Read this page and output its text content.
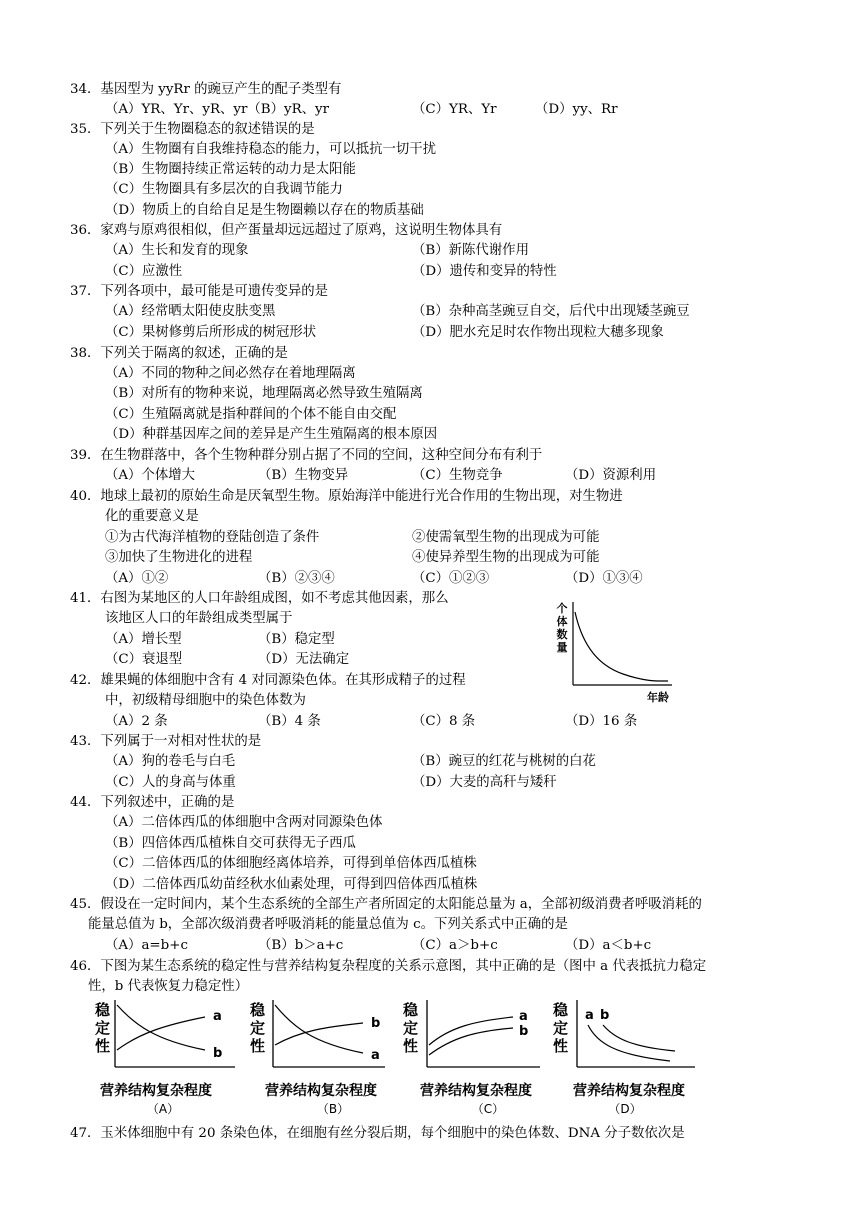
34．基因型为 yyRr 的豌豆产生的配子类型有
（A）YR、Yr、yR、yr（B）yR、yr	（C）YR、Yr	（D）yy、Rr
35．下列关于生物圈稳态的叙述错误的是
（A）生物圈有自我维持稳态的能力，可以抵抗一切干扰
（B）生物圈持续正常运转的动力是太阳能
（C）生物圈具有多层次的自我调节能力
（D）物质上的自给自足是生物圈赖以存在的物质基础
36．家鸡与原鸡很相似，但产蛋量却远远超过了原鸡，这说明生物体具有
（A）生长和发育的现象	（B）新陈代谢作用
（C）应激性	（D）遗传和变异的特性
37．下列各项中，最可能是可遗传变异的是
（A）经常晒太阳使皮肤变黑	（B）杂种高茎豌豆自交，后代中出现矮茎豌豆
（C）果树修剪后所形成的树冠形状	（D）肥水充足时农作物出现粒大穗多现象
38．下列关于隔离的叙述，正确的是
（A）不同的物种之间必然存在着地理隔离
（B）对所有的物种来说，地理隔离必然导致生殖隔离
（C）生殖隔离就是指种群间的个体不能自由交配
（D）种群基因库之间的差异是产生生殖隔离的根本原因
39．在生物群落中，各个生物种群分别占据了不同的空间，这种空间分布有利于
（A）个体增大	（B）生物变异	（C）生物竞争	（D）资源利用
40．地球上最初的原始生命是厌氧型生物。原始海洋中能进行光合作用的生物出现，对生物进
化的重要意义是
①为古代海洋植物的登陆创造了条件	②使需氧型生物的出现成为可能
③加快了生物进化的进程	④使异养型生物的出现成为可能
（A）①②	（B）②③④	（C）①②③	（D）①③④
41．右图为某地区的人口年龄组成图，如不考虑其他因素，那么
该地区人口的年龄组成类型属于
（A）增长型	（B）稳定型
（C）衰退型	（D）无法确定
个
体
数
量
年龄
42．雄果蝇的体细胞中含有 4 对同源染色体。在其形成精子的过程
中，初级精母细胞中的染色体数为
（A）2 条	（B）4 条	（C）8 条	（D）16 条
43．下列属于一对相对性状的是
（A）狗的卷毛与白毛	（B）豌豆的红花与桃树的白花
（C）人的身高与体重	（D）大麦的高秆与矮秆
44．下列叙述中，正确的是
（A）二倍体西瓜的体细胞中含两对同源染色体
（B）四倍体西瓜植株自交可获得无子西瓜
（C）二倍体西瓜的体细胞经离体培养，可得到单倍体西瓜植株
（D）二倍体西瓜幼苗经秋水仙素处理，可得到四倍体西瓜植株
45．假设在一定时间内，某个生态系统的全部生产者所固定的太阳能总量为 a，全部初级消费者呼吸消耗的
能量总值为 b，全部次级消费者呼吸消耗的能量总值为 c。下列关系式中正确的是
（A）a=b+c	（B）b＞a+c	（C）a＞b+c	（D）a＜b+c
46．下图为某生态系统的稳定性与营养结构复杂程度的关系示意图，其中正确的是（图中 a 代表抵抗力稳定
性，b 代表恢复力稳定性）
稳
定
性
a
b
营养结构复杂程度
（A）
稳
定
性
b
a
营养结构复杂程度
（B）
稳
定
性
a
b
营养结构复杂程度
（C）
稳
定
性
a b
营养结构复杂程度
（D）
47．玉米体细胞中有 20 条染色体，在细胞有丝分裂后期，每个细胞中的染色体数、DNA 分子数依次是
